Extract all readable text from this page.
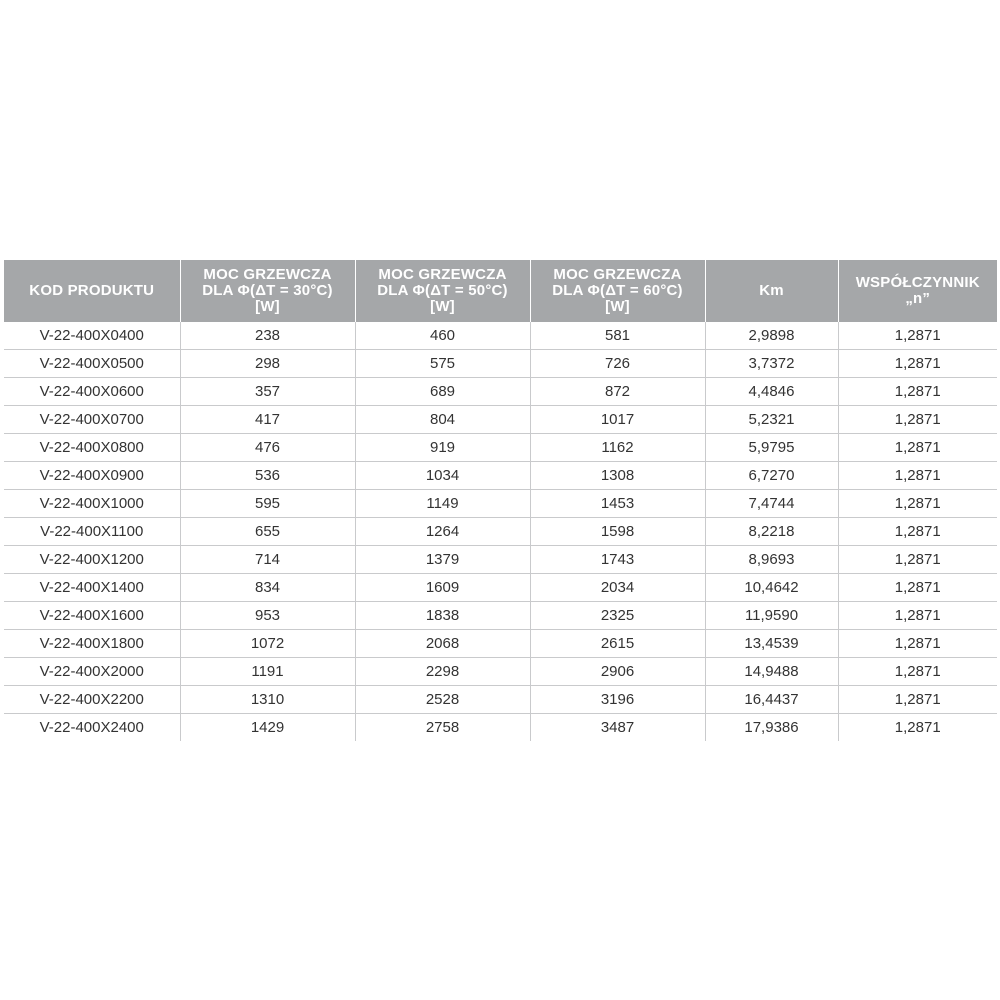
KOD PRODUKTU	MOC GRZEWCZA
DLA Φ(ΔT = 30°C)
[W]	MOC GRZEWCZA
DLA Φ(ΔT = 50°C)
[W]	MOC GRZEWCZA
DLA Φ(ΔT = 60°C)
[W]	Km	WSPÓŁCZYNNIK
„n”

V-22-400X0400	238	460	581	2,9898	1,2871
V-22-400X0500	298	575	726	3,7372	1,2871
V-22-400X0600	357	689	872	4,4846	1,2871
V-22-400X0700	417	804	1017	5,2321	1,2871
V-22-400X0800	476	919	1162	5,9795	1,2871
V-22-400X0900	536	1034	1308	6,7270	1,2871
V-22-400X1000	595	1149	1453	7,4744	1,2871
V-22-400X1100	655	1264	1598	8,2218	1,2871
V-22-400X1200	714	1379	1743	8,9693	1,2871
V-22-400X1400	834	1609	2034	10,4642	1,2871
V-22-400X1600	953	1838	2325	11,9590	1,2871
V-22-400X1800	1072	2068	2615	13,4539	1,2871
V-22-400X2000	1191	2298	2906	14,9488	1,2871
V-22-400X2200	1310	2528	3196	16,4437	1,2871
V-22-400X2400	1429	2758	3487	17,9386	1,2871
